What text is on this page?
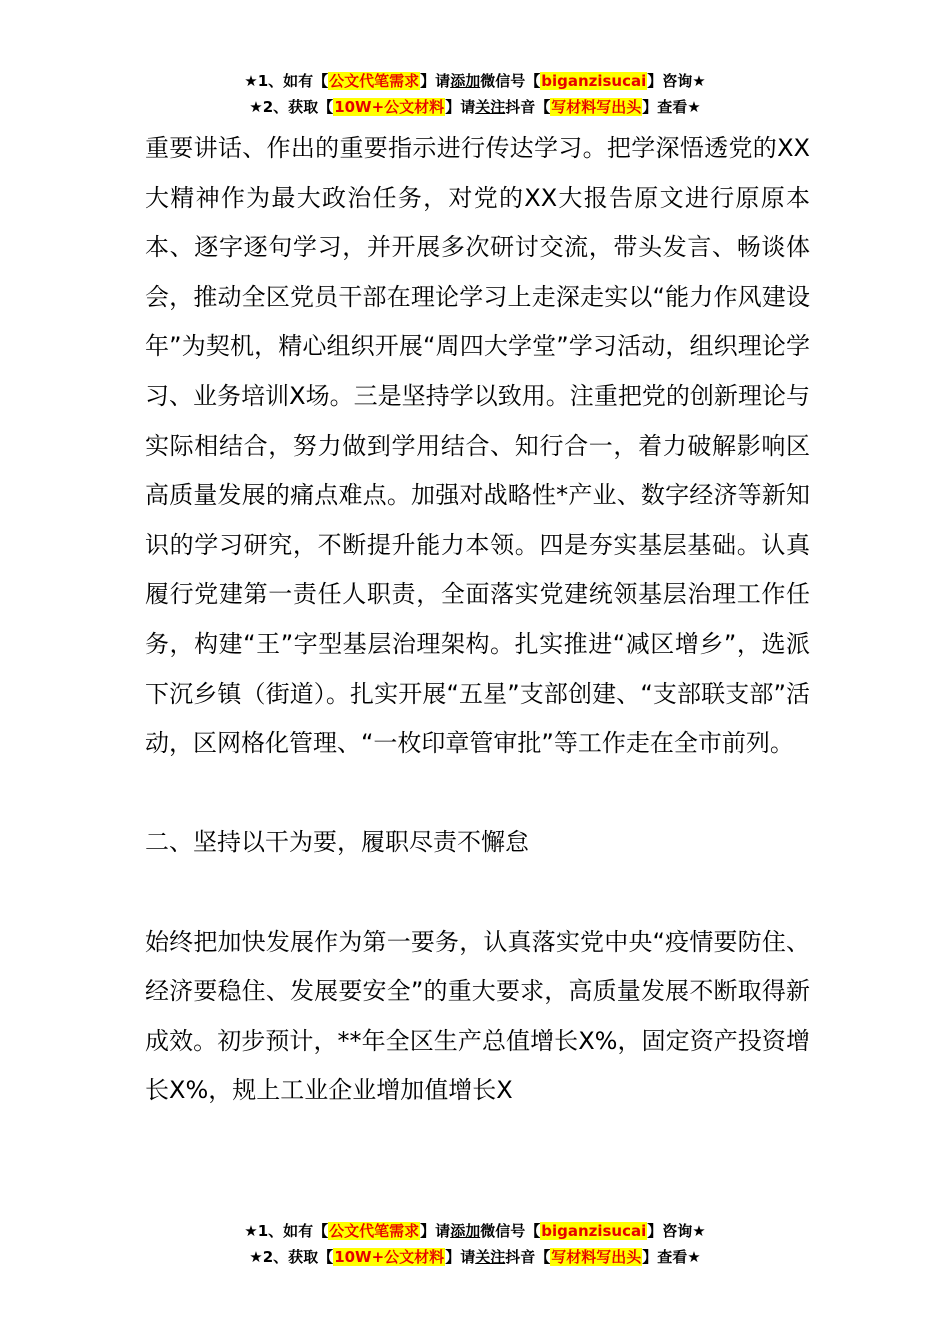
★1、如有【公文代笔需求】请添加微信号【biganzisucai】咨询★
★2、获取【10W+公文材料】请关注抖音【写材料写出头】查看★

重要讲话、作出的重要指示进行传达学习。把学深悟透党的XX大精神作为最大政治任务，对党的XX大报告原文进行原原本本、逐字逐句学习，并开展多次研讨交流，带头发言、畅谈体会，推动全区党员干部在理论学习上走深走实以“能力作风建设年”为契机，精心组织开展“周四大学堂”学习活动，组织理论学习、业务培训X场。三是坚持学以致用。注重把党的创新理论与实际相结合，努力做到学用结合、知行合一，着力破解影响区高质量发展的痛点难点。加强对战略性*产业、数字经济等新知识的学习研究，不断提升能力本领。四是夯实基层基础。认真履行党建第一责任人职责，全面落实党建统领基层治理工作任务，构建“王”字型基层治理架构。扎实推进“减区增乡”，选派下沉乡镇（街道）。扎实开展“五星”支部创建、“支部联支部”活动，区网格化管理、“一枚印章管审批”等工作走在全市前列。

二、坚持以干为要，履职尽责不懈怠

始终把加快发展作为第一要务，认真落实党中央“疫情要防住、经济要稳住、发展要安全”的重大要求，高质量发展不断取得新成效。初步预计，**年全区生产总值增长X%，固定资产投资增长X%，规上工业企业增加值增长X

★1、如有【公文代笔需求】请添加微信号【biganzisucai】咨询★
★2、获取【10W+公文材料】请关注抖音【写材料写出头】查看★
